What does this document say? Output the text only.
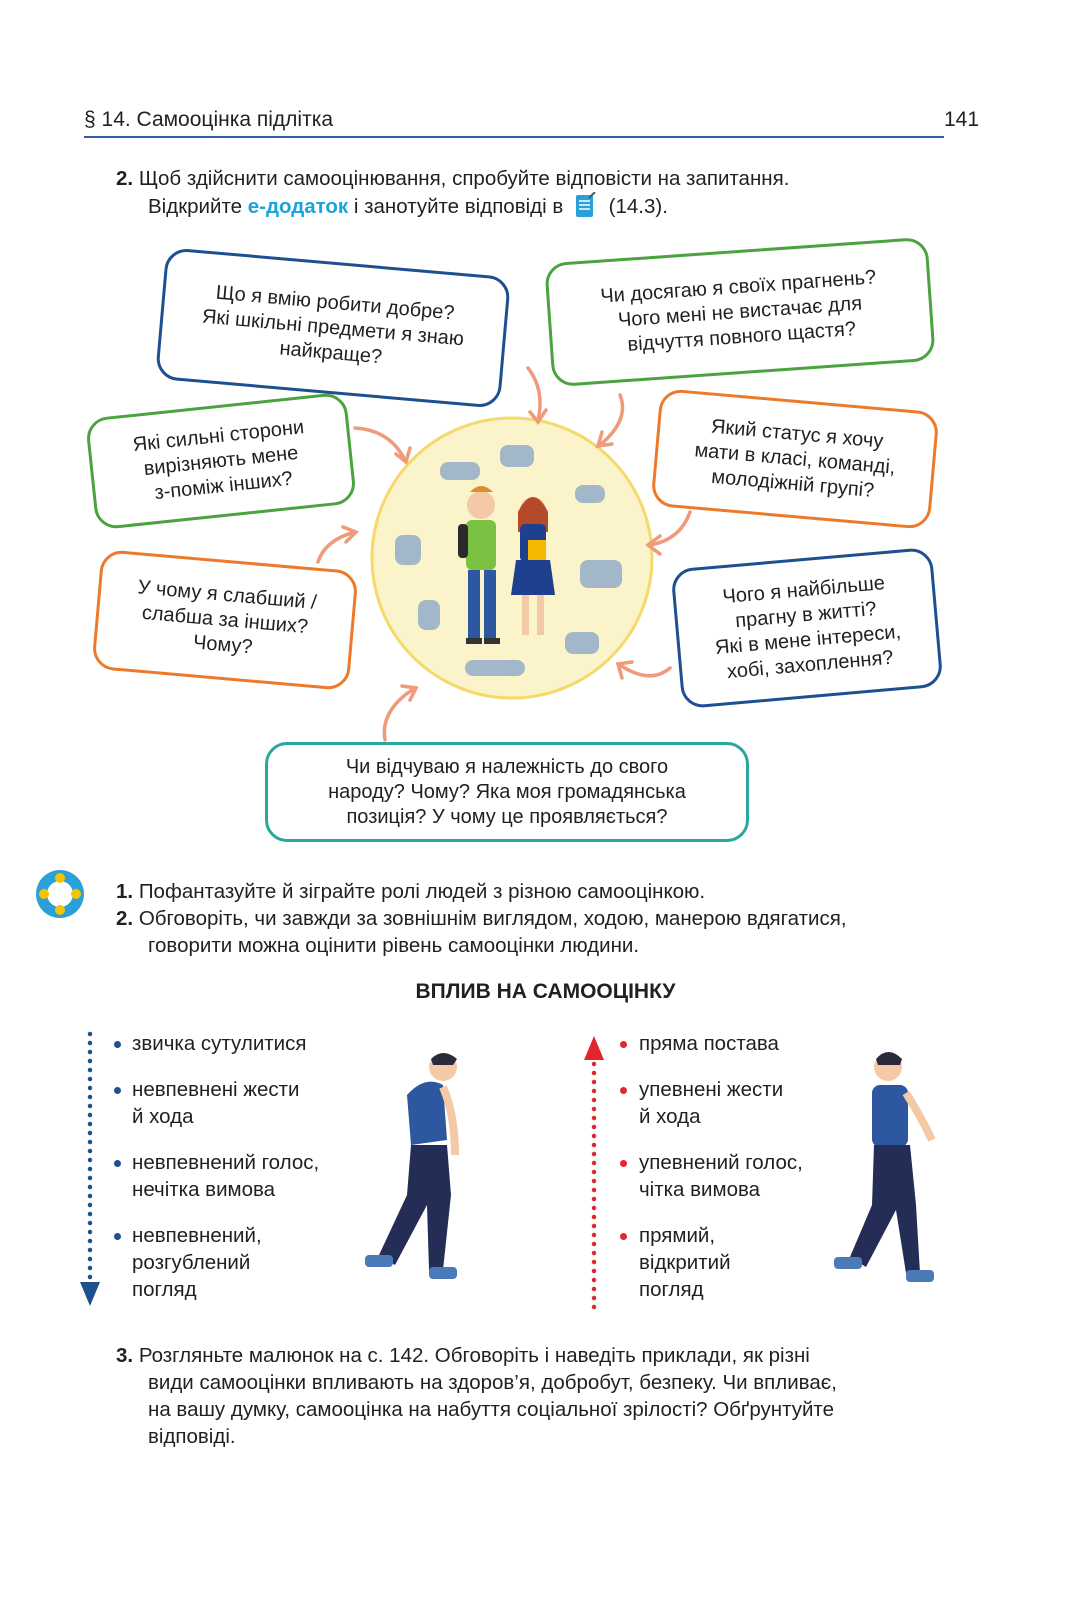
§ 14. Самооцінка підлітка	141
2. Щоб здійснити самооцінювання, спробуйте відповісти на запитання.
Відкрийте е-додаток і занотуйте відповіді в (14.3).
Що я вмію робити добре?
Які шкільні предмети я знаю
найкраще?
Чи досягаю я своїх прагнень?
Чого мені не вистачає для
відчуття повного щастя?
Які сильні сторони
вирізняють мене
з-поміж інших?
Який статус я хочу
мати в класі, команді,
молодіжній групі?
У чому я слабший /
слабша за інших?
Чому?
Чого я найбільше
прагну в житті?
Які в мене інтереси,
хобі, захоплення?
Чи відчуваю я належність до свого
народу? Чому? Яка моя громадянська
позиція? У чому це проявляється?
1. Пофантазуйте й зіграйте ролі людей з різною самооцінкою.
2. Обговоріть, чи завжди за зовнішнім виглядом, ходою, манерою вдягатися,
говорити можна оцінити рівень самооцінки людини.
ВПЛИВ НА САМООЦІНКУ
звичка сутулитися
невпевнені жести
й хода
невпевнений голос,
нечітка вимова
невпевнений,
розгублений
погляд
пряма постава
упевнені жести
й хода
упевнений голос,
чітка вимова
прямий,
відкритий
погляд
3. Розгляньте малюнок на с. 142. Обговоріть і наведіть приклади, як різні
види самооцінки впливають на здоров’я, добробут, безпеку. Чи впливає,
на вашу думку, самооцінка на набуття соціальної зрілості? Обґрунтуйте
відповіді.
